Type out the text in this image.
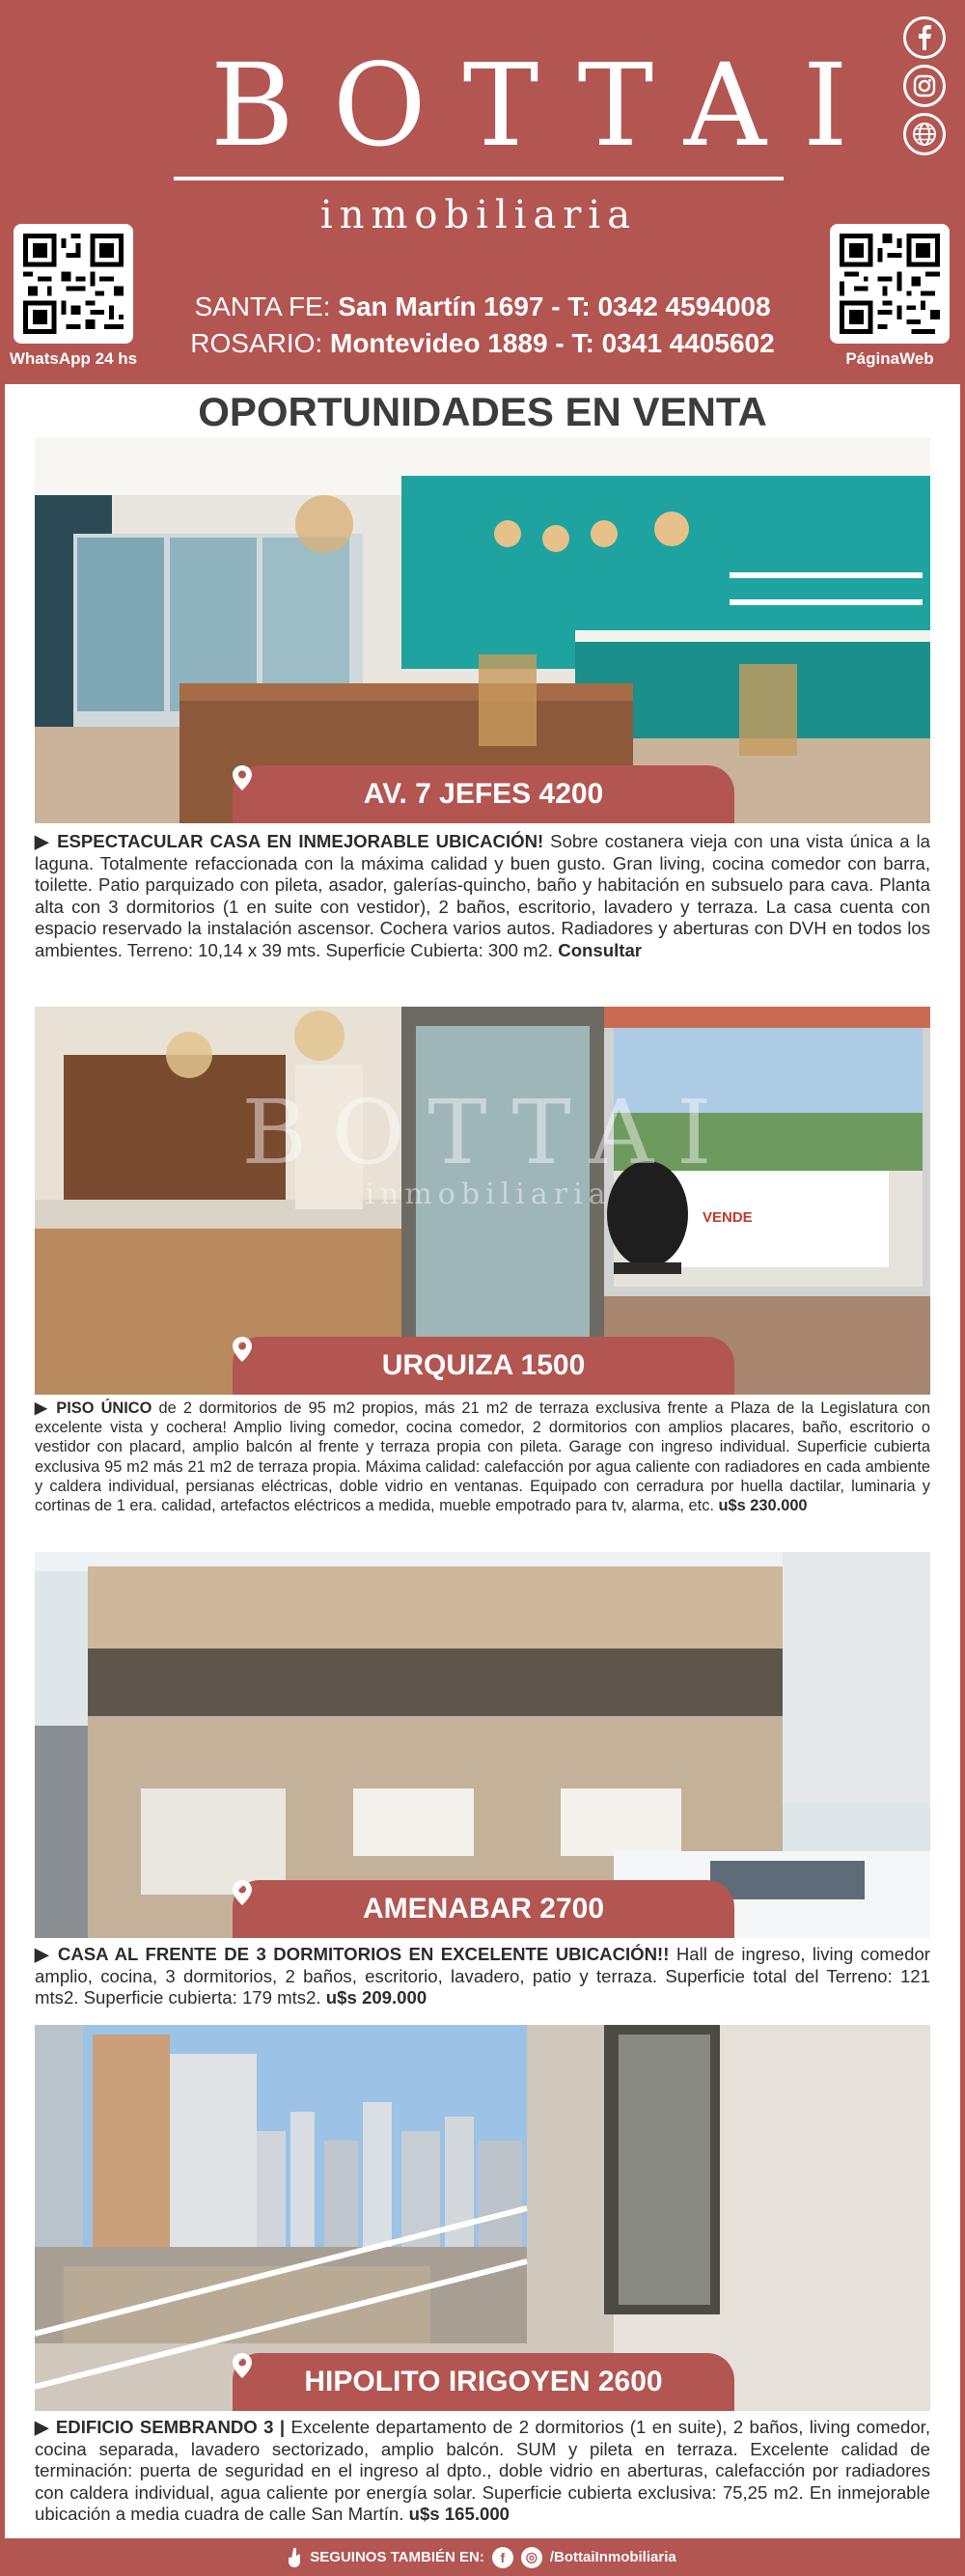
BOTTAI
inmobiliaria
WhatsApp 24 hs	PáginaWeb
SANTA FE: San Martín 1697 - T: 0342 4594008
ROSARIO: Montevideo 1889 - T: 0341 4405602
OPORTUNIDADES EN VENTA
AV. 7 JEFES 4200

▶ ESPECTACULAR CASA EN INMEJORABLE UBICACIÓN! Sobre costanera vieja con una vista única a la laguna. Totalmente refaccionada con la máxima calidad y buen gusto. Gran living, cocina comedor con barra, toilette. Patio parquizado con pileta, asador, galerías-quincho, baño y habitación en subsuelo para cava. Planta alta con 3 dormitorios (1 en suite con vestidor), 2 baños, escritorio, lavadero y terraza. La casa cuenta con espacio reservado la instalación ascensor. Cochera varios autos. Radiadores y aberturas con DVH en todos los ambientes. Terreno: 10,14 x 39 mts. Superficie Cubierta: 300 m2. Consultar

BOTTAI
inmobiliaria
VENDE
URQUIZA 1500

▶ PISO ÚNICO de 2 dormitorios de 95 m2 propios, más 21 m2 de terraza exclusiva frente a Plaza de la Legislatura con excelente vista y cochera! Amplio living comedor, cocina comedor, 2 dormitorios con amplios placares, baño, escritorio o vestidor con placard, amplio balcón al frente y terraza propia con pileta. Garage con ingreso individual. Superficie cubierta exclusiva 95 m2 más 21 m2 de terraza propia. Máxima calidad: calefacción por agua caliente con radiadores en cada ambiente y caldera individual, persianas eléctricas, doble vidrio en ventanas. Equipado con cerradura por huella dactilar, luminaria y cortinas de 1 era. calidad, artefactos eléctricos a medida, mueble empotrado para tv, alarma, etc. u$s 230.000

AMENABAR 2700

▶ CASA AL FRENTE DE 3 DORMITORIOS EN EXCELENTE UBICACIÓN!! Hall de ingreso, living comedor amplio, cocina, 3 dormitorios, 2 baños, escritorio, lavadero, patio y terraza. Superficie total del Terreno: 121 mts2. Superficie cubierta: 179 mts2. u$s 209.000

HIPOLITO IRIGOYEN 2600

▶ EDIFICIO SEMBRANDO 3 | Excelente departamento de 2 dormitorios (1 en suite), 2 baños, living comedor, cocina separada, lavadero sectorizado, amplio balcón. SUM y pileta en terraza. Excelente calidad de terminación: puerta de seguridad en el ingreso al dpto., doble vidrio en aberturas, calefacción por radiadores con caldera individual, agua caliente por energía solar. Superficie cubierta exclusiva: 75,25 m2. En inmejorable ubicación a media cuadra de calle San Martín. u$s 165.000

SEGUINOS TAMBIÉN EN:	f	◎ /BottaiInmobiliaria
